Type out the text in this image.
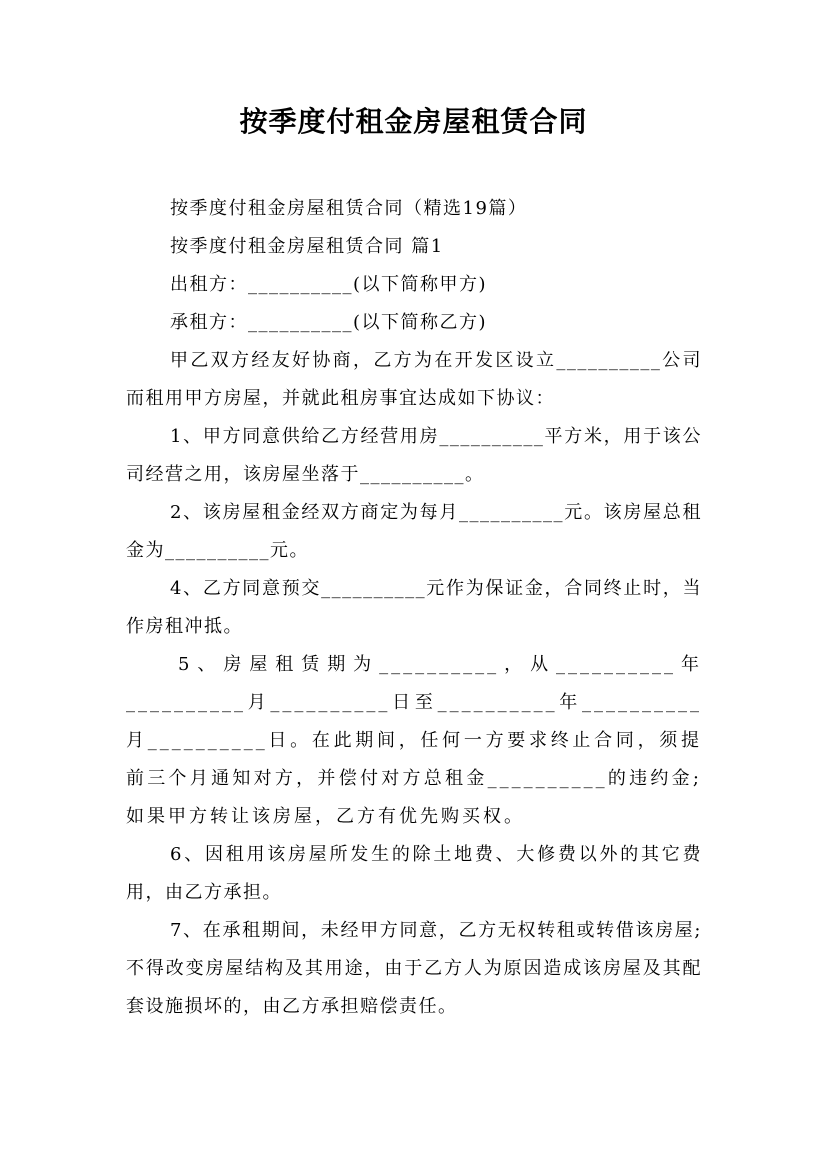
按季度付租金房屋租赁合同

按季度付租金房屋租赁合同（精选19篇）

按季度付租金房屋租赁合同 篇1

出租方：__________(以下简称甲方)

承租方：__________(以下简称乙方)

甲乙双方经友好协商，乙方为在开发区设立__________公司而租用甲方房屋，并就此租房事宜达成如下协议：

1、甲方同意供给乙方经营用房__________平方米，用于该公司经营之用，该房屋坐落于__________。

2、该房屋租金经双方商定为每月__________元。该房屋总租金为__________元。

4、乙方同意预交__________元作为保证金，合同终止时，当作房租冲抵。

5、房屋租赁期为__________，从__________年__________月__________日至__________年__________月__________日。在此期间，任何一方要求终止合同，须提前三个月通知对方，并偿付对方总租金__________的违约金;如果甲方转让该房屋，乙方有优先购买权。

6、因租用该房屋所发生的除土地费、大修费以外的其它费用，由乙方承担。

7、在承租期间，未经甲方同意，乙方无权转租或转借该房屋;不得改变房屋结构及其用途，由于乙方人为原因造成该房屋及其配套设施损坏的，由乙方承担赔偿责任。
